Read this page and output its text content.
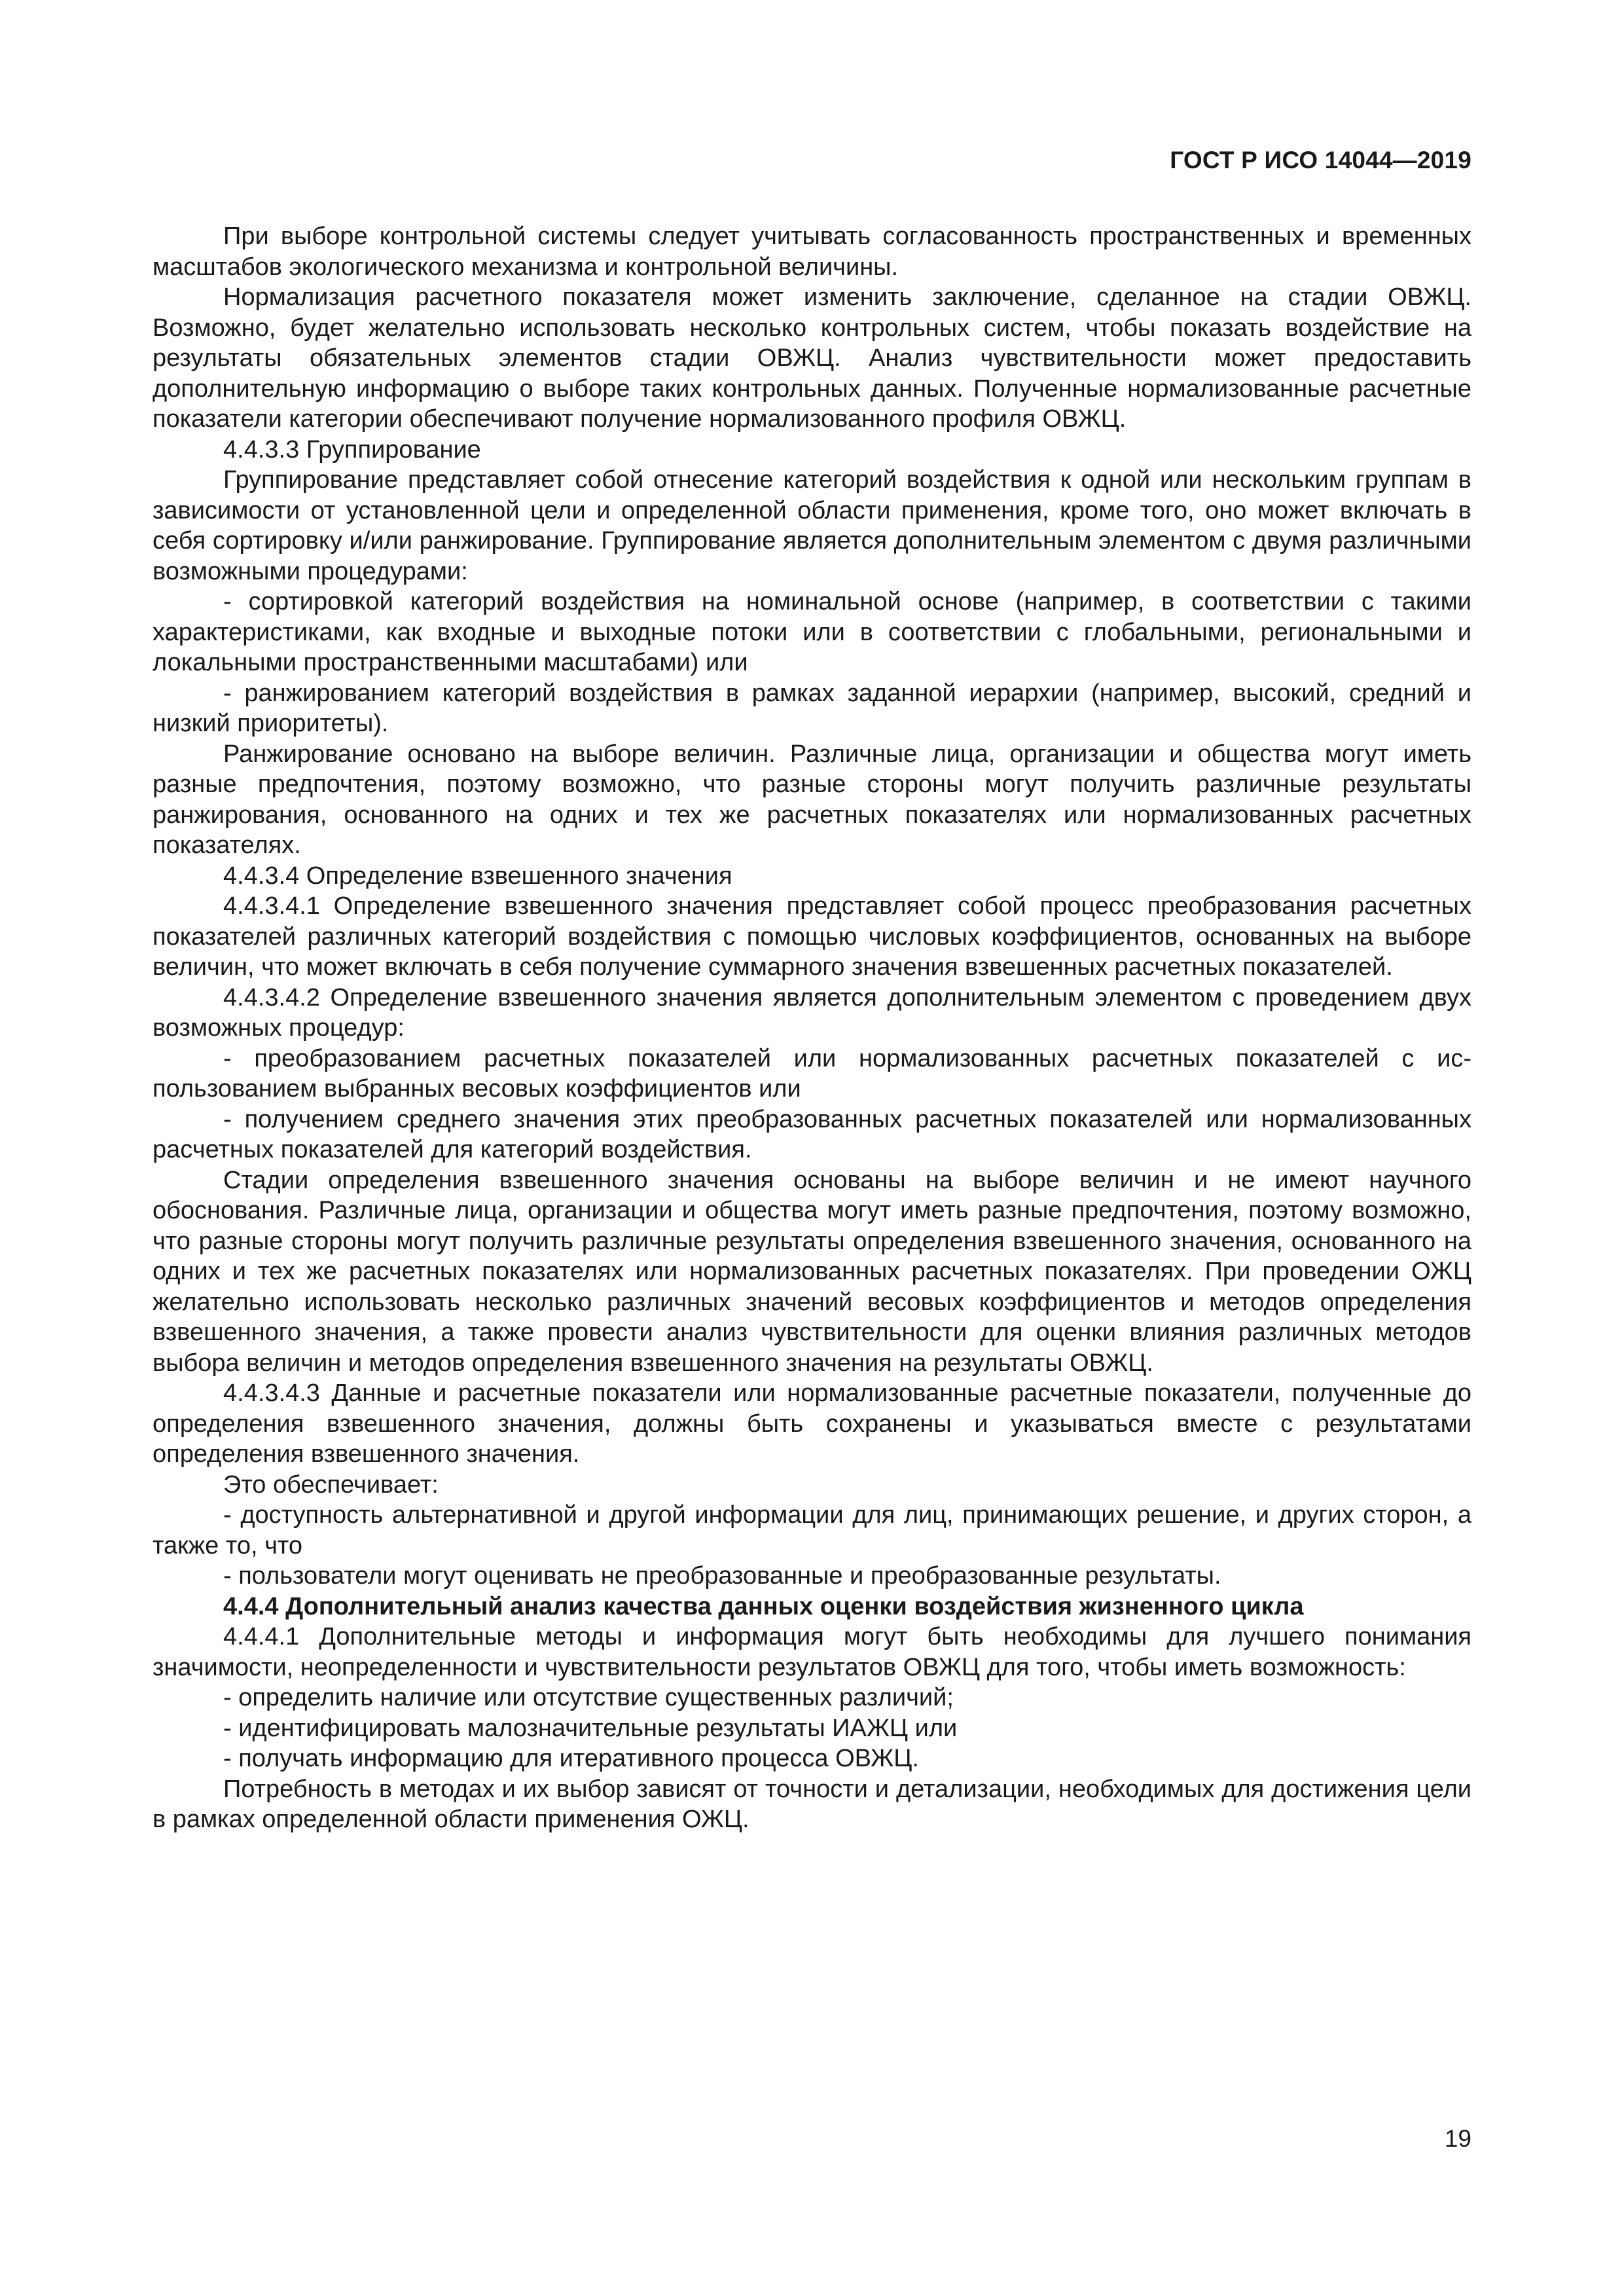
ГОСТ Р ИСО 14044—2019

При выборе контрольной системы следует учитывать согласованность пространственных и временных масштабов экологического механизма и контрольной величины.

Нормализация расчетного показателя может изменить заключение, сделанное на стадии ОВЖЦ. Возможно, будет желательно использовать несколько контрольных систем, чтобы показать воздействие на результаты обязательных элементов стадии ОВЖЦ. Анализ чувствительности может предоставить дополнительную информацию о выборе таких контрольных данных. Полученные нормализованные расчетные показатели категории обеспечивают получение нормализованного профиля ОВЖЦ.

4.4.3.3 Группирование

Группирование представляет собой отнесение категорий воздействия к одной или нескольким группам в зависимости от установленной цели и определенной области применения, кроме того, оно может включать в себя сортировку и/или ранжирование. Группирование является дополнительным элементом с двумя различными возможными процедурами:

- сортировкой категорий воздействия на номинальной основе (например, в соответствии с такими характеристиками, как входные и выходные потоки или в соответствии с глобальными, региональными и локальными пространственными масштабами) или

- ранжированием категорий воздействия в рамках заданной иерархии (например, высокий, средний и низкий приоритеты).

Ранжирование основано на выборе величин. Различные лица, организации и общества могут иметь разные предпочтения, поэтому возможно, что разные стороны могут получить различные результаты ранжирования, основанного на одних и тех же расчетных показателях или нормализованных расчетных показателях.

4.4.3.4 Определение взвешенного значения

4.4.3.4.1 Определение взвешенного значения представляет собой процесс преобразования расчетных показателей различных категорий воздействия с помощью числовых коэффициентов, основанных на выборе величин, что может включать в себя получение суммарного значения взвешенных расчетных показателей.

4.4.3.4.2 Определение взвешенного значения является дополнительным элементом с проведением двух возможных процедур:

- преобразованием расчетных показателей или нормализованных расчетных показателей с использованием выбранных весовых коэффициентов или

- получением среднего значения этих преобразованных расчетных показателей или нормализованных расчетных показателей для категорий воздействия.

Стадии определения взвешенного значения основаны на выборе величин и не имеют научного обоснования. Различные лица, организации и общества могут иметь разные предпочтения, поэтому возможно, что разные стороны могут получить различные результаты определения взвешенного значения, основанного на одних и тех же расчетных показателях или нормализованных расчетных показателях. При проведении ОЖЦ желательно использовать несколько различных значений весовых коэффициентов и методов определения взвешенного значения, а также провести анализ чувствительности для оценки влияния различных методов выбора величин и методов определения взвешенного значения на результаты ОВЖЦ.

4.4.3.4.3 Данные и расчетные показатели или нормализованные расчетные показатели, полученные до определения взвешенного значения, должны быть сохранены и указываться вместе с результатами определения взвешенного значения.

Это обеспечивает:

- доступность альтернативной и другой информации для лиц, принимающих решение, и других сторон, а также то, что

- пользователи могут оценивать не преобразованные и преобразованные результаты.

4.4.4 Дополнительный анализ качества данных оценки воздействия жизненного цикла

4.4.4.1 Дополнительные методы и информация могут быть необходимы для лучшего понимания значимости, неопределенности и чувствительности результатов ОВЖЦ для того, чтобы иметь возможность:

- определить наличие или отсутствие существенных различий;

- идентифицировать малозначительные результаты ИАЖЦ или

- получать информацию для итеративного процесса ОВЖЦ.

Потребность в методах и их выбор зависят от точности и детализации, необходимых для достижения цели в рамках определенной области применения ОЖЦ.

19
